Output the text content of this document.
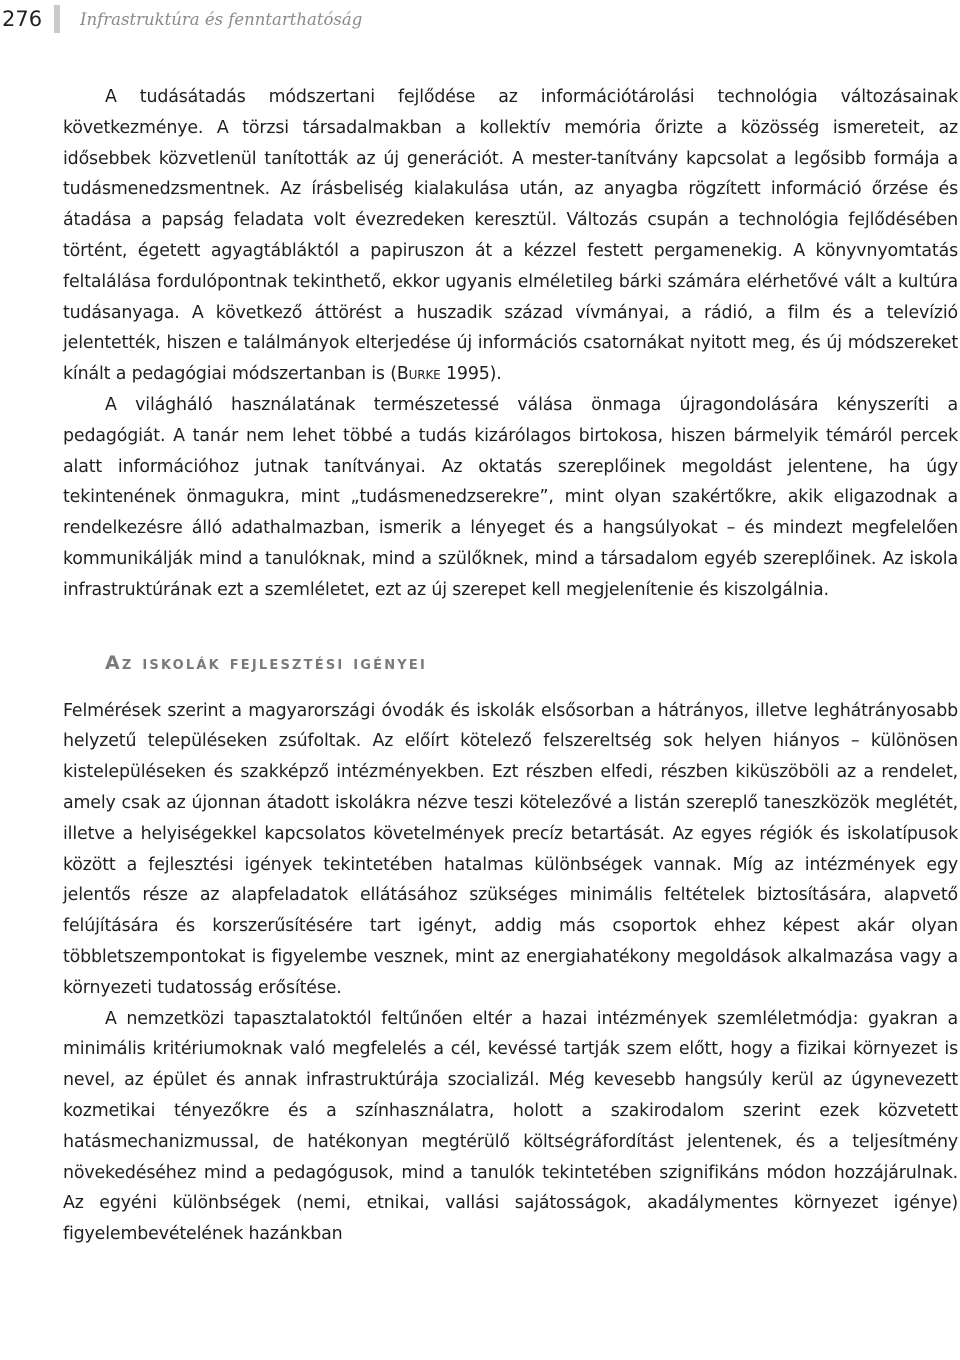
276	Infrastruktúra és fenntarthatóság

A tudásátadás módszertani fejlődése az információtárolási technológia változásainak következménye. A törzsi társadalmakban a kollektív memória őrizte a közösség ismereteit, az idősebbek közvetlenül tanították az új generációt. A mester-tanítvány kapcsolat a legősibb formája a tudásmenedzsmentnek. Az írásbeliség kialakulása után, az anyagba rögzített információ őrzése és átadása a papság feladata volt évezredeken keresztül. Változás csupán a technológia fejlődésében történt, égetett agyagtábláktól a papiruszon át a kézzel festett pergamenekig. A könyvnyomtatás feltalálása fordulópontnak tekinthető, ekkor ugyanis elméletileg bárki számára elérhetővé vált a kultúra tudásanyaga. A következő áttörést a huszadik század vívmányai, a rádió, a film és a televízió jelentették, hiszen e találmányok elterjedése új információs csatornákat nyitott meg, és új módszereket kínált a pedagógiai módszertanban is (Burke 1995).

A világháló használatának természetessé válása önmaga újragondolására kényszeríti a pedagógiát. A tanár nem lehet többé a tudás kizárólagos birtokosa, hiszen bármelyik témáról percek alatt információhoz jutnak tanítványai. Az oktatás szereplőinek megoldást jelentene, ha úgy tekintenének önmagukra, mint „tudásmenedzserekre”, mint olyan szakértőkre, akik eligazodnak a rendelkezésre álló adathalmazban, ismerik a lényeget és a hangsúlyokat – és mindezt megfelelően kommunikálják mind a tanulóknak, mind a szülőknek, mind a társadalom egyéb szereplőinek. Az iskola infrastruktúrának ezt a szemléletet, ezt az új szerepet kell megjelenítenie és kiszolgálnia.

Az iskolák fejlesztési igényei

Felmérések szerint a magyarországi óvodák és iskolák elsősorban a hátrányos, illetve leghátrányosabb helyzetű településeken zsúfoltak. Az előírt kötelező felszereltség sok helyen hiányos – különösen kistelepüléseken és szakképző intézményekben. Ezt részben elfedi, részben kiküszöböli az a rendelet, amely csak az újonnan átadott iskolákra nézve teszi kötelezővé a listán szereplő taneszközök meglétét, illetve a helyiségekkel kapcsolatos követelmények precíz betartását. Az egyes régiók és iskolatípusok között a fejlesztési igények tekintetében hatalmas különbségek vannak. Míg az intézmények egy jelentős része az alapfeladatok ellátásához szükséges minimális feltételek biztosítására, alapvető felújítására és korszerűsítésére tart igényt, addig más csoportok ehhez képest akár olyan többletszempontokat is figyelembe vesznek, mint az energiahatékony megoldások alkalmazása vagy a környezeti tudatosság erősítése.

A nemzetközi tapasztalatoktól feltűnően eltér a hazai intézmények szemléletmódja: gyakran a minimális kritériumoknak való megfelelés a cél, kevéssé tartják szem előtt, hogy a fizikai környezet is nevel, az épület és annak infrastruktúrája szocializál. Még kevesebb hangsúly kerül az úgynevezett kozmetikai tényezőkre és a színhasználatra, holott a szakirodalom szerint ezek közvetett hatásmechanizmussal, de hatékonyan megtérülő költségráfordítást jelentenek, és a teljesítmény növekedéséhez mind a pedagógusok, mind a tanulók tekintetében szignifikáns módon hozzájárulnak. Az egyéni különbségek (nemi, etnikai, vallási sajátosságok, akadálymentes környezet igénye) figyelembevételének hazánkban
